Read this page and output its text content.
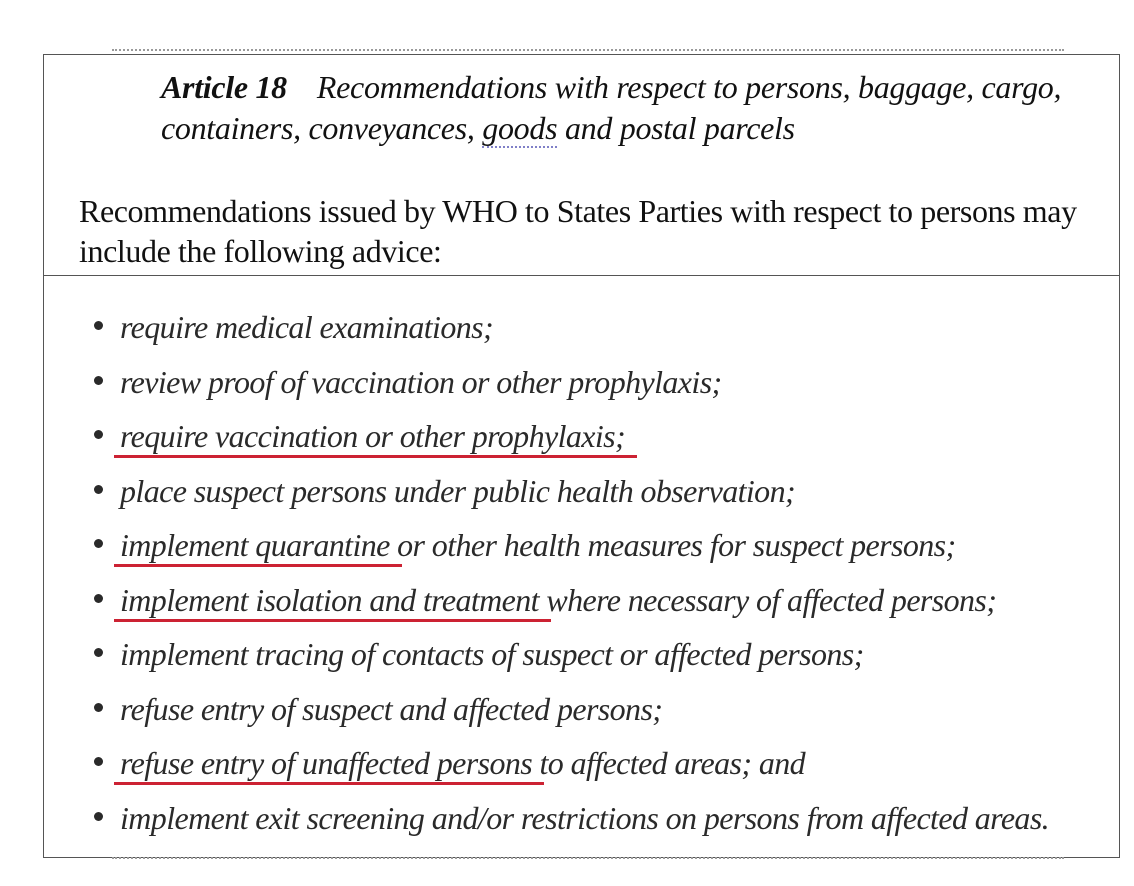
Article 18 Recommendations with respect to persons, baggage, cargo,
containers, conveyances, goods and postal parcels
Recommendations issued by WHO to States Parties with respect to persons may include the following advice:
require medical examinations;
review proof of vaccination or other prophylaxis;
require vaccination or other prophylaxis;
place suspect persons under public health observation;
implement quarantine or other health measures for suspect persons;
implement isolation and treatment where necessary of affected persons;
implement tracing of contacts of suspect or affected persons;
refuse entry of suspect and affected persons;
refuse entry of unaffected persons to affected areas; and
implement exit screening and/or restrictions on persons from affected areas.
